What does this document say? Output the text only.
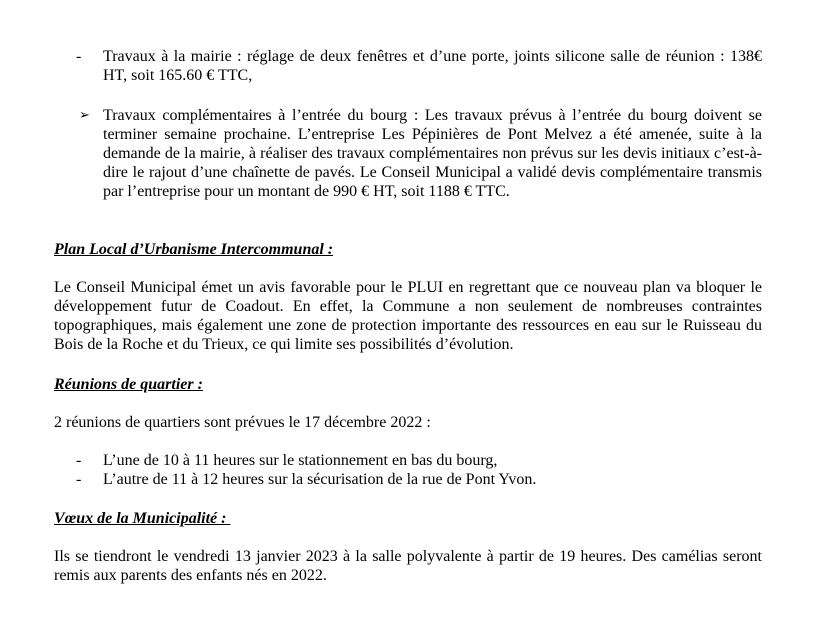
-	Travaux à la mairie : réglage de deux fenêtres et d’une porte, joints silicone salle de réunion : 138€ HT, soit 165.60 € TTC,
➢ Travaux complémentaires à l’entrée du bourg : Les travaux prévus à l’entrée du bourg doivent se terminer semaine prochaine. L’entreprise Les Pépinières de Pont Melvez a été amenée, suite à la demande de la mairie, à réaliser des travaux complémentaires non prévus sur les devis initiaux c’est-à-dire le rajout d’une chaînette de pavés. Le Conseil Municipal a validé devis complémentaire transmis par l’entreprise pour un montant de 990 € HT, soit 1188 € TTC.
Plan Local d’Urbanisme Intercommunal :
Le Conseil Municipal émet un avis favorable pour le PLUI en regrettant que ce nouveau plan va bloquer le développement futur de Coadout. En effet, la Commune a non seulement de nombreuses contraintes topographiques, mais également une zone de protection importante des ressources en eau sur le Ruisseau du Bois de la Roche et du Trieux, ce qui limite ses possibilités d’évolution.
Réunions de quartier :
2 réunions de quartiers sont prévues le 17 décembre 2022 :
-	L’une de 10 à 11 heures sur le stationnement en bas du bourg,
-	L’autre de 11 à 12 heures sur la sécurisation de la rue de Pont Yvon.
Vœux de la Municipalité :
Ils se tiendront le vendredi 13 janvier 2023 à la salle polyvalente à partir de 19 heures. Des camélias seront remis aux parents des enfants nés en 2022.
